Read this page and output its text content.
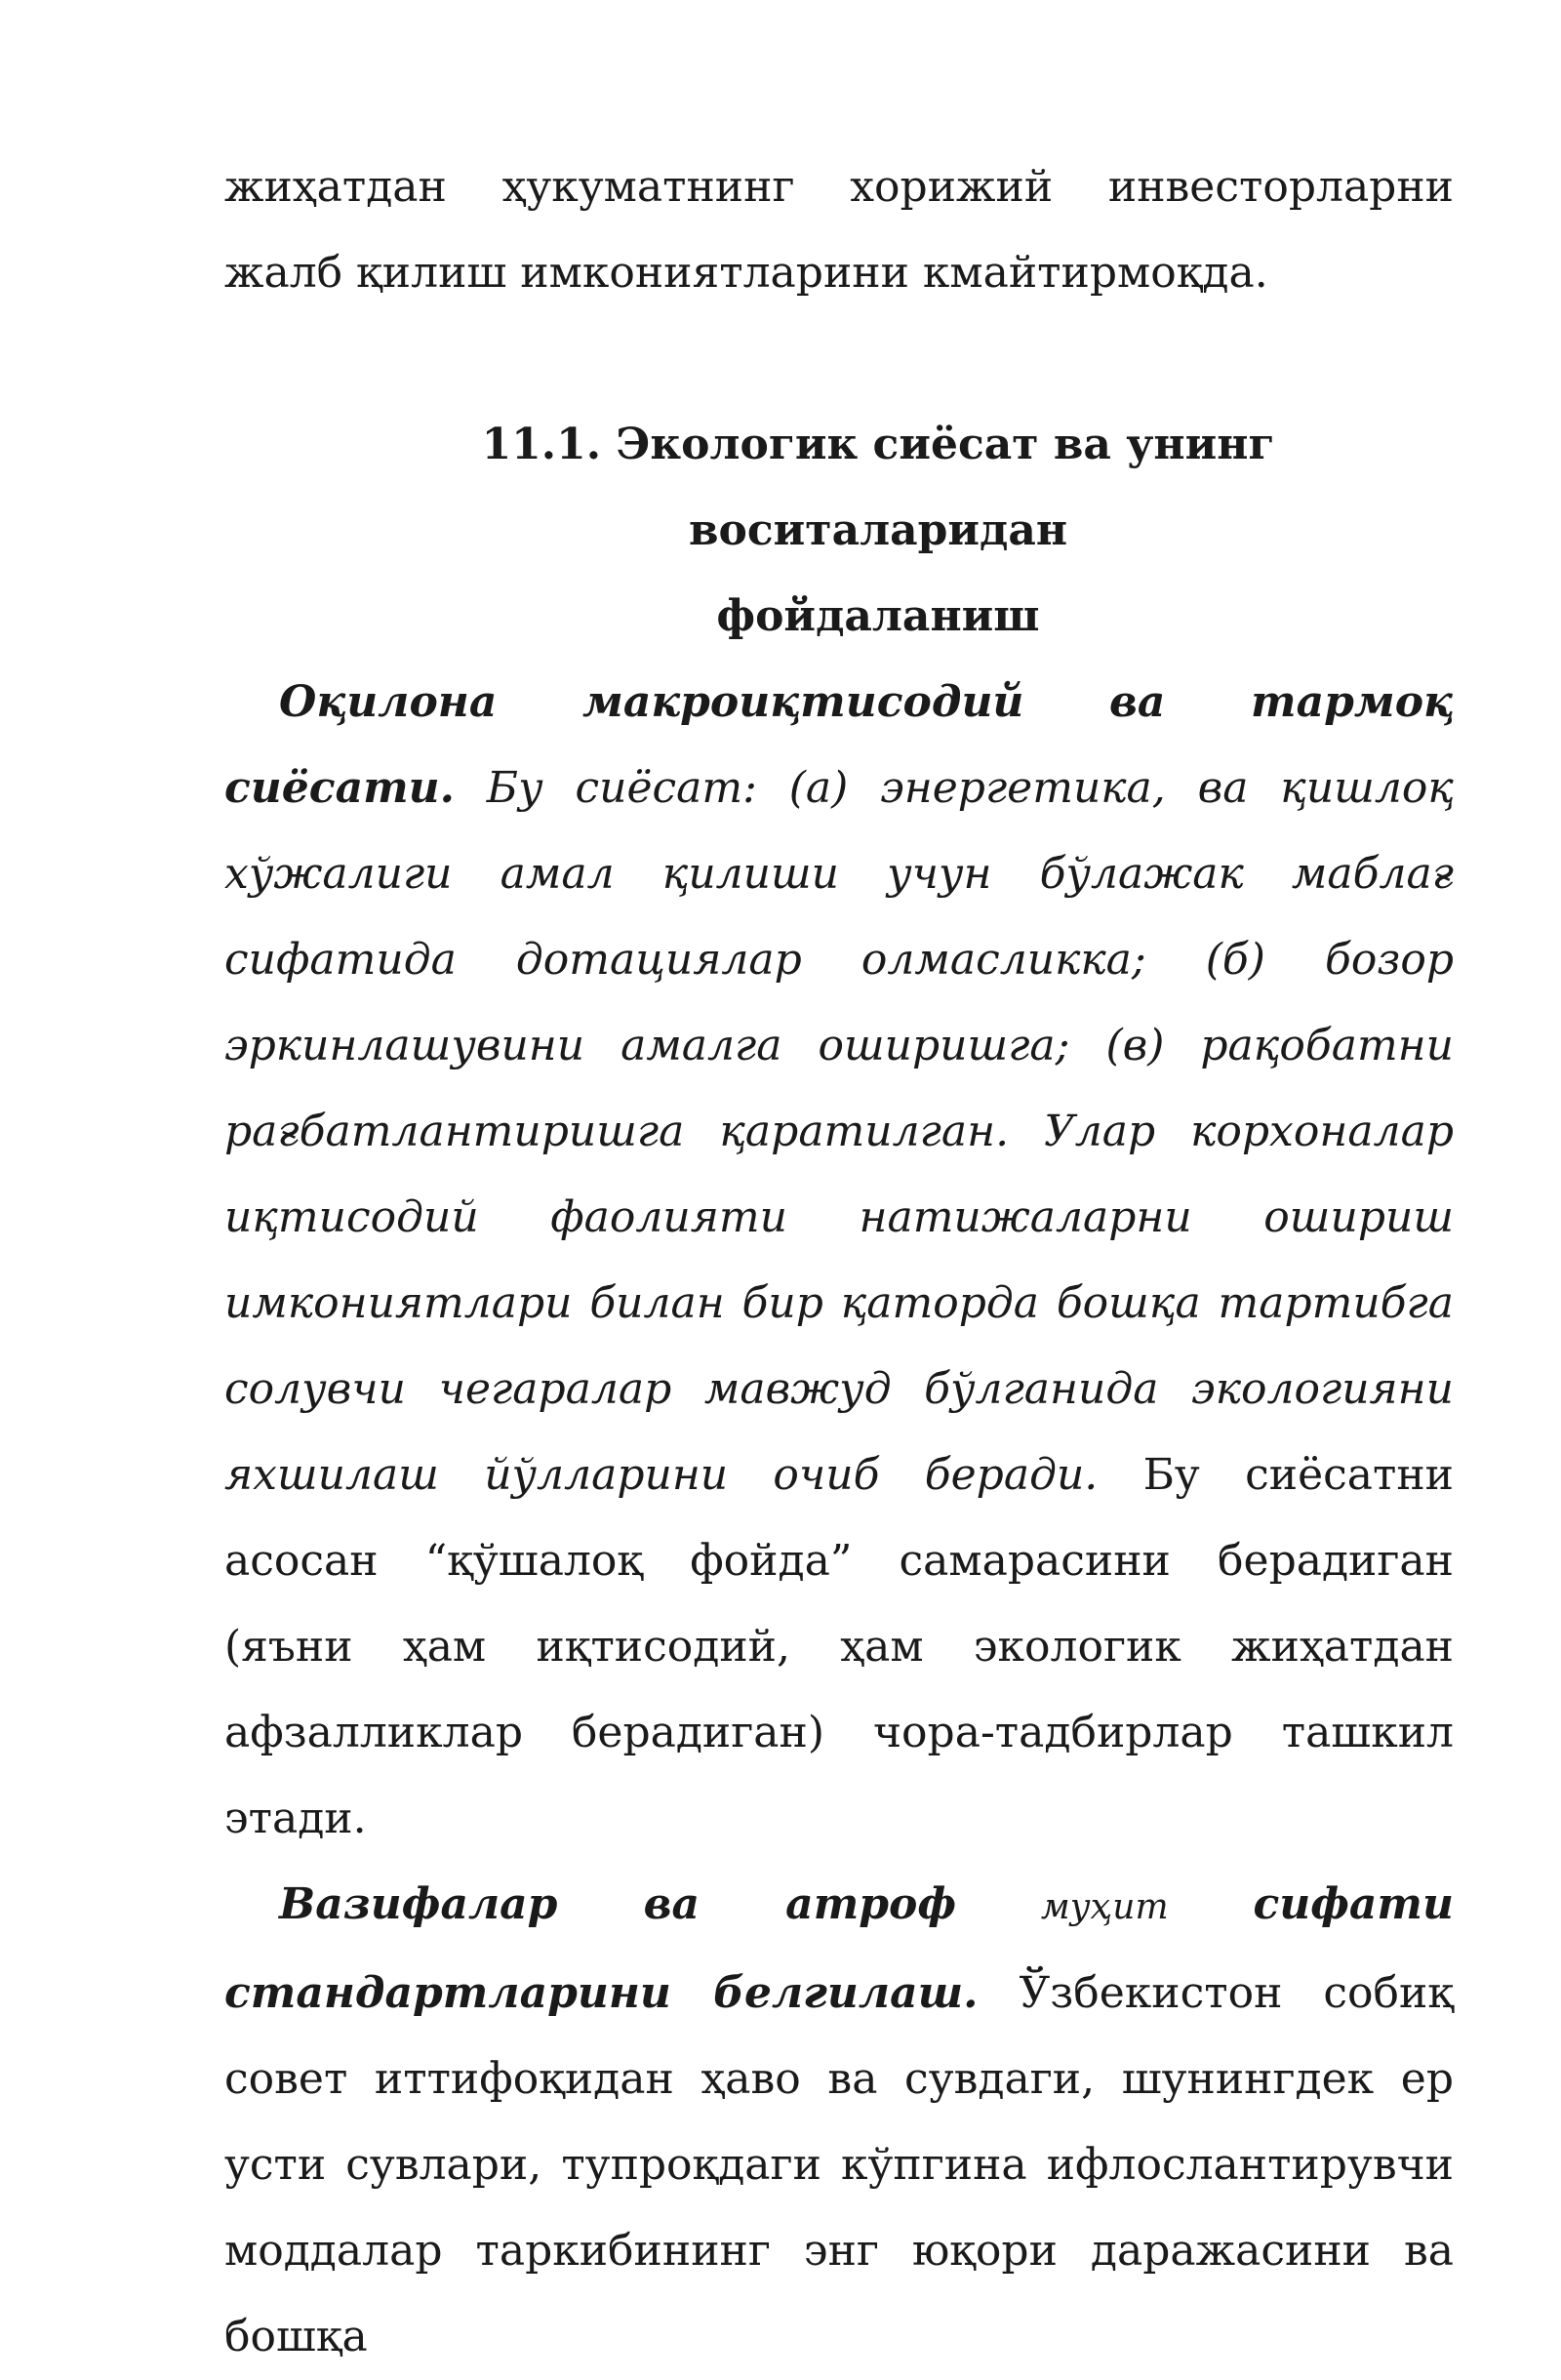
жиҳатдан ҳукуматнинг хорижий инвесторларни жалб қилиш имкониятларини кмайтирмоқда.

11.1. Экологик сиёсат ва унинг воситаларидан
фойдаланиш

Оқилона макроиқтисодий ва тармоқ сиёсати. Бу сиёсат: (а) энергетика, ва қишлоқ хўжалиги амал қилиши учун бўлажак маблағ сифатида дотациялар олмасликка; (б) бозор эркинлашувини амалга оширишга; (в) рақобатни рағбатлантиришга қаратилган. Улар корхоналар иқтисодий фаолияти натижаларни ошириш имкониятлари билан бир қаторда бошқа тартибга солувчи чегаралар мавжуд бўлганида экологияни яхшилаш йўлларини очиб беради. Бу сиёсатни асосан “қўшалоқ фойда” самарасини берадиган (яъни ҳам иқтисодий, ҳам экологик жиҳатдан афзалликлар берадиган) чора-тадбирлар ташкил этади.

Вазифалар ва атроф муҳит сифати стандартларини белгилаш. Ўзбекистон собиқ совет иттифоқидан ҳаво ва сувдаги, шунингдек ер усти сувлари, тупроқдаги кўпгина ифлослантирувчи моддалар таркибининг энг юқори даражасини ва бошқа
